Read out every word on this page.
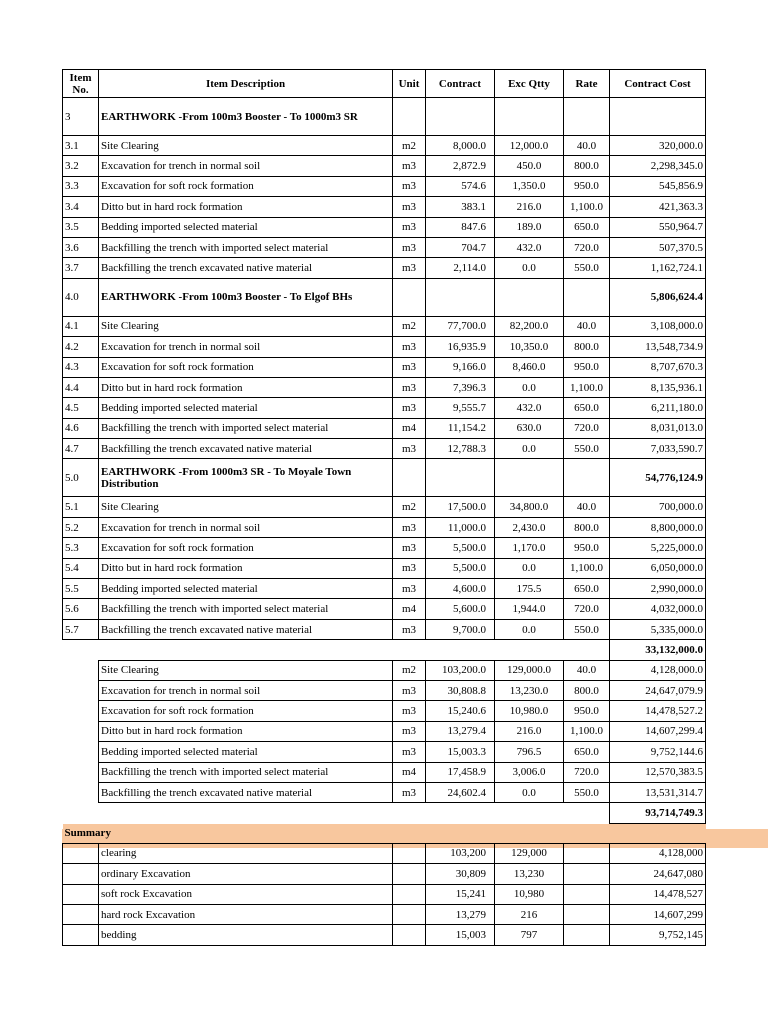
Item No.	Item Description	Unit	Contract	Exc Qtty	Rate	Contract Cost
3	EARTHWORK -From 100m3 Booster - To 1000m3 SR					
3.1	Site Clearing	m2	8,000.0	12,000.0	40.0	320,000.0
3.2	Excavation for trench in normal soil	m3	2,872.9	450.0	800.0	2,298,345.0
3.3	Excavation for soft rock formation	m3	574.6	1,350.0	950.0	545,856.9
3.4	Ditto but in hard rock formation	m3	383.1	216.0	1,100.0	421,363.3
3.5	Bedding imported selected material	m3	847.6	189.0	650.0	550,964.7
3.6	Backfilling the trench with imported select material	m3	704.7	432.0	720.0	507,370.5
3.7	Backfilling the trench excavated native material	m3	2,114.0	0.0	550.0	1,162,724.1
4.0	EARTHWORK -From 100m3 Booster - To Elgof BHs					5,806,624.4
4.1	Site Clearing	m2	77,700.0	82,200.0	40.0	3,108,000.0
4.2	Excavation for trench in normal soil	m3	16,935.9	10,350.0	800.0	13,548,734.9
4.3	Excavation for soft rock formation	m3	9,166.0	8,460.0	950.0	8,707,670.3
4.4	Ditto but in hard rock formation	m3	7,396.3	0.0	1,100.0	8,135,936.1
4.5	Bedding imported selected material	m3	9,555.7	432.0	650.0	6,211,180.0
4.6	Backfilling the trench with imported select material	m4	11,154.2	630.0	720.0	8,031,013.0
4.7	Backfilling the trench excavated native material	m3	12,788.3	0.0	550.0	7,033,590.7
5.0	EARTHWORK -From 1000m3 SR - To Moyale Town Distribution					54,776,124.9
5.1	Site Clearing	m2	17,500.0	34,800.0	40.0	700,000.0
5.2	Excavation for trench in normal soil	m3	11,000.0	2,430.0	800.0	8,800,000.0
5.3	Excavation for soft rock formation	m3	5,500.0	1,170.0	950.0	5,225,000.0
5.4	Ditto but in hard rock formation	m3	5,500.0	0.0	1,100.0	6,050,000.0
5.5	Bedding imported selected material	m3	4,600.0	175.5	650.0	2,990,000.0
5.6	Backfilling the trench with imported select material	m4	5,600.0	1,944.0	720.0	4,032,000.0
5.7	Backfilling the trench excavated native material	m3	9,700.0	0.0	550.0	5,335,000.0
						33,132,000.0
	Site Clearing	m2	103,200.0	129,000.0	40.0	4,128,000.0
	Excavation for trench in normal soil	m3	30,808.8	13,230.0	800.0	24,647,079.9
	Excavation for soft rock formation	m3	15,240.6	10,980.0	950.0	14,478,527.2
	Ditto but in hard rock formation	m3	13,279.4	216.0	1,100.0	14,607,299.4
	Bedding imported selected material	m3	15,003.3	796.5	650.0	9,752,144.6
	Backfilling the trench with imported select material	m4	17,458.9	3,006.0	720.0	12,570,383.5
	Backfilling the trench excavated native material	m3	24,602.4	0.0	550.0	13,531,314.7
						93,714,749.3
Summary						
	clearing		103,200	129,000		4,128,000
	ordinary Excavation		30,809	13,230		24,647,080
	soft rock Excavation		15,241	10,980		14,478,527
	hard rock Excavation		13,279	216		14,607,299
	bedding		15,003	797		9,752,145
